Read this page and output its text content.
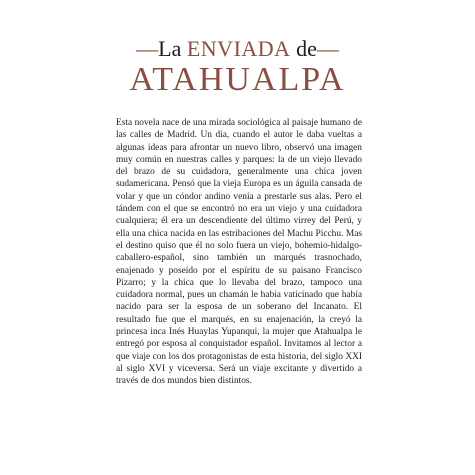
—La ENVIADA de—
ATAHUALPA

Esta novela nace de una mirada sociológica al paisaje humano de las calles de Madrid. Un día, cuando el autor le daba vueltas a algunas ideas para afrontar un nuevo libro, observó una imagen muy común en nuestras calles y parques: la de un viejo llevado del brazo de su cuidadora, generalmente una chica joven sudamericana. Pensó que la vieja Europa es un águila cansada de volar y que un cóndor andino venía a prestarle sus alas. Pero el tándem con el que se encontró no era un viejo y una cuidadora cualquiera; él era un descendiente del último virrey del Perú, y ella una chica nacida en las estribaciones del Machu Picchu. Mas el destino quiso que él no solo fuera un viejo, bohemio-hidalgo-caballero-español, sino también un marqués trasnochado, enajenado y poseído por el espíritu de su paisano Francisco Pizarro; y la chica que lo llevaba del brazo, tampoco una cuidadora normal, pues un chamán le había vaticinado que había nacido para ser la esposa de un soberano del Incanato. El resultado fue que el marqués, en su enajenación, la creyó la princesa inca Inés Huaylas Yupanqui, la mujer que Atahualpa le entregó por esposa al conquistador español. Invitamos al lector a que viaje con los dos protagonistas de esta historia, del siglo XXI al siglo XVI y viceversa. Será un viaje excitante y divertido a través de dos mundos bien distintos.
